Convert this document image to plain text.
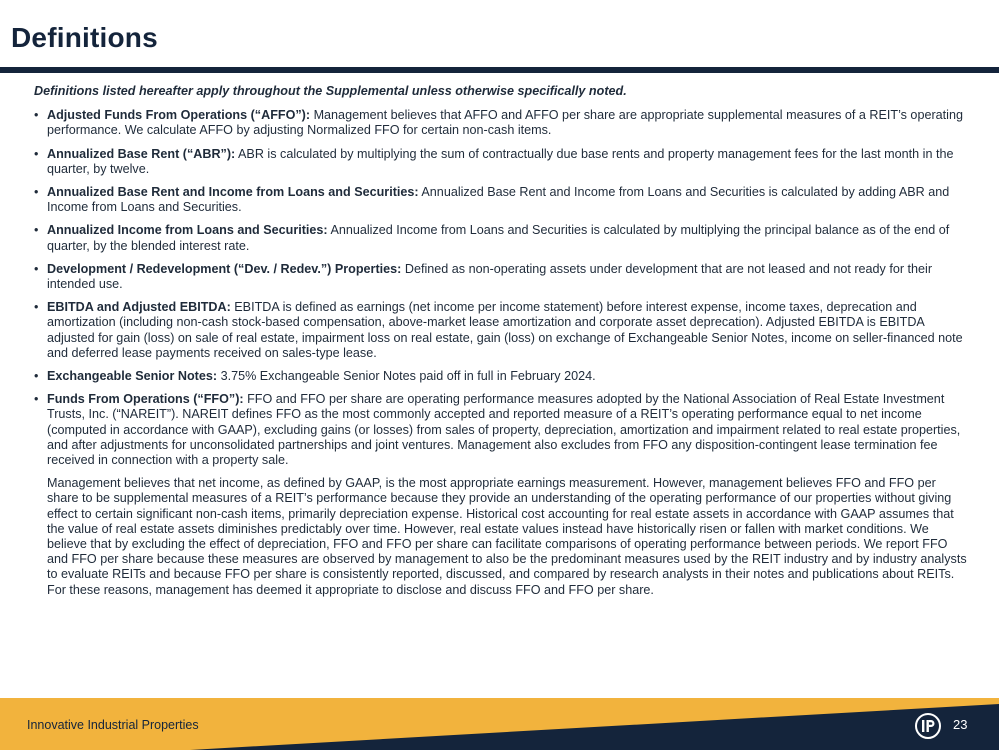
Definitions

Definitions listed hereafter apply throughout the Supplemental unless otherwise specifically noted.

• Adjusted Funds From Operations (“AFFO”): Management believes that AFFO and AFFO per share are appropriate supplemental measures of a REIT’s operating performance. We calculate AFFO by adjusting Normalized FFO for certain non-cash items.
• Annualized Base Rent (“ABR”): ABR is calculated by multiplying the sum of contractually due base rents and property management fees for the last month in the quarter, by twelve.
• Annualized Base Rent and Income from Loans and Securities: Annualized Base Rent and Income from Loans and Securities is calculated by adding ABR and Income from Loans and Securities.
• Annualized Income from Loans and Securities: Annualized Income from Loans and Securities is calculated by multiplying the principal balance as of the end of quarter, by the blended interest rate.
• Development / Redevelopment (“Dev. / Redev.”) Properties: Defined as non-operating assets under development that are not leased and not ready for their intended use.
• EBITDA and Adjusted EBITDA: EBITDA is defined as earnings (net income per income statement) before interest expense, income taxes, deprecation and amortization (including non-cash stock-based compensation, above-market lease amortization and corporate asset deprecation). Adjusted EBITDA is EBITDA adjusted for gain (loss) on sale of real estate, impairment loss on real estate, gain (loss) on exchange of Exchangeable Senior Notes, income on seller-financed note and deferred lease payments received on sales-type lease.
• Exchangeable Senior Notes: 3.75% Exchangeable Senior Notes paid off in full in February 2024.
• Funds From Operations (“FFO”): FFO and FFO per share are operating performance measures adopted by the National Association of Real Estate Investment Trusts, Inc. (“NAREIT”). NAREIT defines FFO as the most commonly accepted and reported measure of a REIT’s operating performance equal to net income (computed in accordance with GAAP), excluding gains (or losses) from sales of property, depreciation, amortization and impairment related to real estate properties, and after adjustments for unconsolidated partnerships and joint ventures. Management also excludes from FFO any disposition-contingent lease termination fee received in connection with a property sale.

Management believes that net income, as defined by GAAP, is the most appropriate earnings measurement. However, management believes FFO and FFO per share to be supplemental measures of a REIT’s performance because they provide an understanding of the operating performance of our properties without giving effect to certain significant non-cash items, primarily depreciation expense. Historical cost accounting for real estate assets in accordance with GAAP assumes that the value of real estate assets diminishes predictably over time. However, real estate values instead have historically risen or fallen with market conditions. We believe that by excluding the effect of depreciation, FFO and FFO per share can facilitate comparisons of operating performance between periods. We report FFO and FFO per share because these measures are observed by management to also be the predominant measures used by the REIT industry and by industry analysts to evaluate REITs and because FFO per share is consistently reported, discussed, and compared by research analysts in their notes and publications about REITs. For these reasons, management has deemed it appropriate to disclose and discuss FFO and FFO per share.

Innovative Industrial Properties	23
